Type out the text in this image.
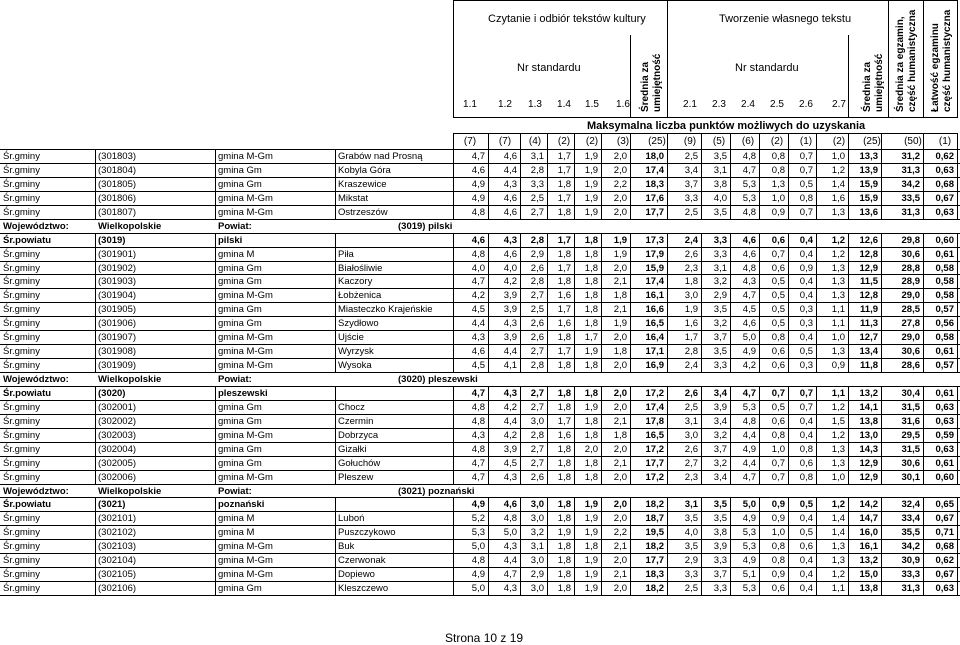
Czytanie i odbiór tekstów kultury	Tworzenie własnego tekstu
Nr standardu	Nr standardu
Średnia za umiejętność	Średnia za umiejętność	Średnia za egzamin, część humanistyczna	Łatwość egzaminu część humanistyczna
1.1 1.2 1.3 1.4 1.5 1.6	2.1 2.3 2.4 2.5 2.6 2.7
Maksymalna liczba punktów możliwych do uzyskania
(7) (7) (4) (2) (2) (3) (25) (9) (5) (6) (2) (1) (2) (25) (50) (1)
Śr.gminy	(301803)	gmina M-Gm	Grabów nad Prosną	4,7 4,6 3,1 1,7 1,9 2,0 18,0 2,5 3,5 4,8 0,8 0,7 1,0 13,3 31,2 0,62
Śr.gminy	(301804)	gmina Gm	Kobyla Góra	4,6 4,4 2,8 1,7 1,9 2,0 17,4 3,4 3,1 4,7 0,8 0,7 1,2 13,9 31,3 0,63
Śr.gminy	(301805)	gmina Gm	Kraszewice	4,9 4,3 3,3 1,8 1,9 2,2 18,3 3,7 3,8 5,3 1,3 0,5 1,4 15,9 34,2 0,68
Śr.gminy	(301806)	gmina M-Gm	Mikstat	4,9 4,6 2,5 1,7 1,9 2,0 17,6 3,3 4,0 5,3 1,0 0,8 1,6 15,9 33,5 0,67
Śr.gminy	(301807)	gmina M-Gm	Ostrzeszów	4,8 4,6 2,7 1,8 1,9 2,0 17,7 2,5 3,5 4,8 0,9 0,7 1,3 13,6 31,3 0,63
Województwo:	Wielkopolskie	Powiat:	(3019) pilski
Śr.powiatu	(3019)	pilski	4,6 4,3 2,8 1,7 1,8 1,9 17,3 2,4 3,3 4,6 0,6 0,4 1,2 12,6 29,8 0,60
Śr.gminy	(301901)	gmina M	Piła	4,8 4,6 2,9 1,8 1,8 1,9 17,9 2,6 3,3 4,6 0,7 0,4 1,2 12,8 30,6 0,61
Śr.gminy	(301902)	gmina Gm	Białośliwie	4,0 4,0 2,6 1,7 1,8 2,0 15,9 2,3 3,1 4,8 0,6 0,9 1,3 12,9 28,8 0,58
Śr.gminy	(301903)	gmina Gm	Kaczory	4,7 4,2 2,8 1,8 1,8 2,1 17,4 1,8 3,2 4,3 0,5 0,4 1,3 11,5 28,9 0,58
Śr.gminy	(301904)	gmina M-Gm	Łobżenica	4,2 3,9 2,7 1,6 1,8 1,8 16,1 3,0 2,9 4,7 0,5 0,4 1,3 12,8 29,0 0,58
Śr.gminy	(301905)	gmina Gm	Miasteczko Krajeńskie	4,5 3,9 2,5 1,7 1,8 2,1 16,6 1,9 3,5 4,5 0,5 0,3 1,1 11,9 28,5 0,57
Śr.gminy	(301906)	gmina Gm	Szydłowo	4,4 4,3 2,6 1,6 1,8 1,9 16,5 1,6 3,2 4,6 0,5 0,3 1,1 11,3 27,8 0,56
Śr.gminy	(301907)	gmina M-Gm	Ujście	4,3 3,9 2,6 1,8 1,7 2,0 16,4 1,7 3,7 5,0 0,8 0,4 1,0 12,7 29,0 0,58
Śr.gminy	(301908)	gmina M-Gm	Wyrzysk	4,6 4,4 2,7 1,7 1,9 1,8 17,1 2,8 3,5 4,9 0,6 0,5 1,3 13,4 30,6 0,61
Śr.gminy	(301909)	gmina M-Gm	Wysoka	4,5 4,1 2,8 1,8 1,8 2,0 16,9 2,4 3,3 4,2 0,6 0,3 0,9 11,8 28,6 0,57
Województwo:	Wielkopolskie	Powiat:	(3020) pleszewski
Śr.powiatu	(3020)	pleszewski	4,7 4,3 2,7 1,8 1,8 2,0 17,2 2,6 3,4 4,7 0,7 0,7 1,1 13,2 30,4 0,61
Śr.gminy	(302001)	gmina Gm	Chocz	4,8 4,2 2,7 1,8 1,9 2,0 17,4 2,5 3,9 5,3 0,5 0,7 1,2 14,1 31,5 0,63
Śr.gminy	(302002)	gmina Gm	Czermin	4,8 4,4 3,0 1,7 1,8 2,1 17,8 3,1 3,4 4,8 0,6 0,4 1,5 13,8 31,6 0,63
Śr.gminy	(302003)	gmina M-Gm	Dobrzyca	4,3 4,2 2,8 1,6 1,8 1,8 16,5 3,0 3,2 4,4 0,8 0,4 1,2 13,0 29,5 0,59
Śr.gminy	(302004)	gmina Gm	Gizałki	4,8 3,9 2,7 1,8 2,0 2,0 17,2 2,6 3,7 4,9 1,0 0,8 1,3 14,3 31,5 0,63
Śr.gminy	(302005)	gmina Gm	Gołuchów	4,7 4,5 2,7 1,8 1,8 2,1 17,7 2,7 3,2 4,4 0,7 0,6 1,3 12,9 30,6 0,61
Śr.gminy	(302006)	gmina M-Gm	Pleszew	4,7 4,3 2,6 1,8 1,8 2,0 17,2 2,3 3,4 4,7 0,7 0,8 1,0 12,9 30,1 0,60
Województwo:	Wielkopolskie	Powiat:	(3021) poznański
Śr.powiatu	(3021)	poznański	4,9 4,6 3,0 1,8 1,9 2,0 18,2 3,1 3,5 5,0 0,9 0,5 1,2 14,2 32,4 0,65
Śr.gminy	(302101)	gmina M	Luboń	5,2 4,8 3,0 1,8 1,9 2,0 18,7 3,5 3,5 4,9 0,9 0,4 1,4 14,7 33,4 0,67
Śr.gminy	(302102)	gmina M	Puszczykowo	5,3 5,0 3,2 1,9 1,9 2,2 19,5 4,0 3,8 5,3 1,0 0,5 1,4 16,0 35,5 0,71
Śr.gminy	(302103)	gmina M-Gm	Buk	5,0 4,3 3,1 1,8 1,8 2,1 18,2 3,5 3,9 5,3 0,8 0,6 1,3 16,1 34,2 0,68
Śr.gminy	(302104)	gmina M-Gm	Czerwonak	4,8 4,4 3,0 1,8 1,9 2,0 17,7 2,9 3,3 4,9 0,8 0,4 1,3 13,2 30,9 0,62
Śr.gminy	(302105)	gmina M-Gm	Dopiewo	4,9 4,7 2,9 1,8 1,9 2,1 18,3 3,3 3,7 5,1 0,9 0,4 1,2 15,0 33,3 0,67
Śr.gminy	(302106)	gmina Gm	Kleszczewo	5,0 4,3 3,0 1,8 1,9 2,0 18,2 2,5 3,3 5,3 0,6 0,4 1,1 13,8 31,3 0,63
Strona 10 z 19
